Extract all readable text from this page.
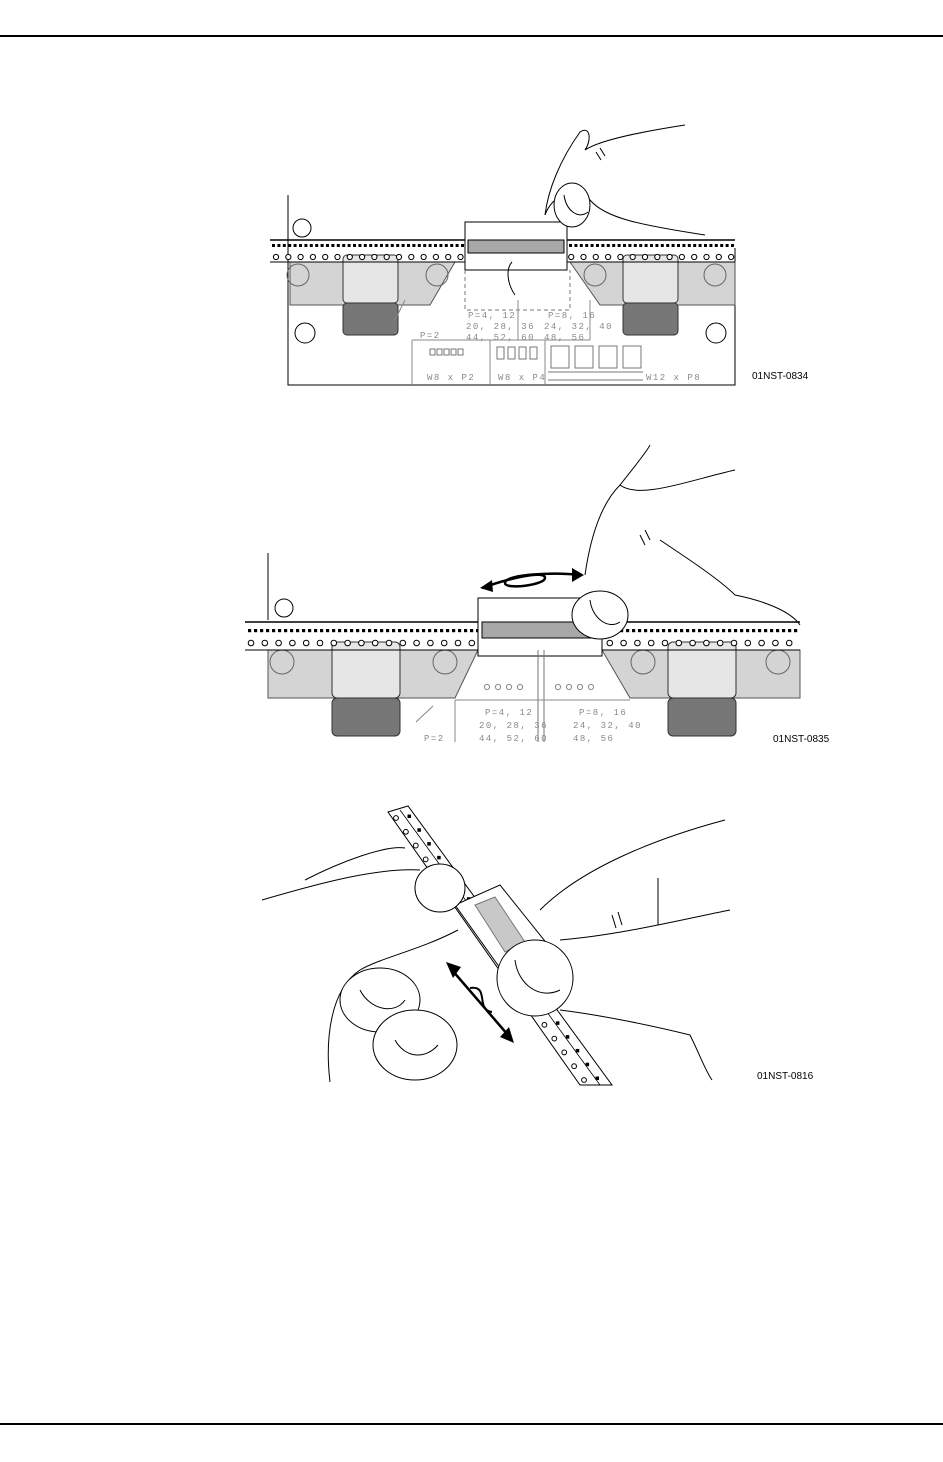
P=2
P=4, 12
20, 28, 36
44, 52, 60
P=8, 16
24, 32, 40
48, 56
W8 x P2	W8 x P4	W12 x P8	01NST-0834
P=2
P=4, 12
20, 28, 36
44, 52, 60
P=8, 16
24, 32, 40
48, 56	01NST-0835
01NST-0816
